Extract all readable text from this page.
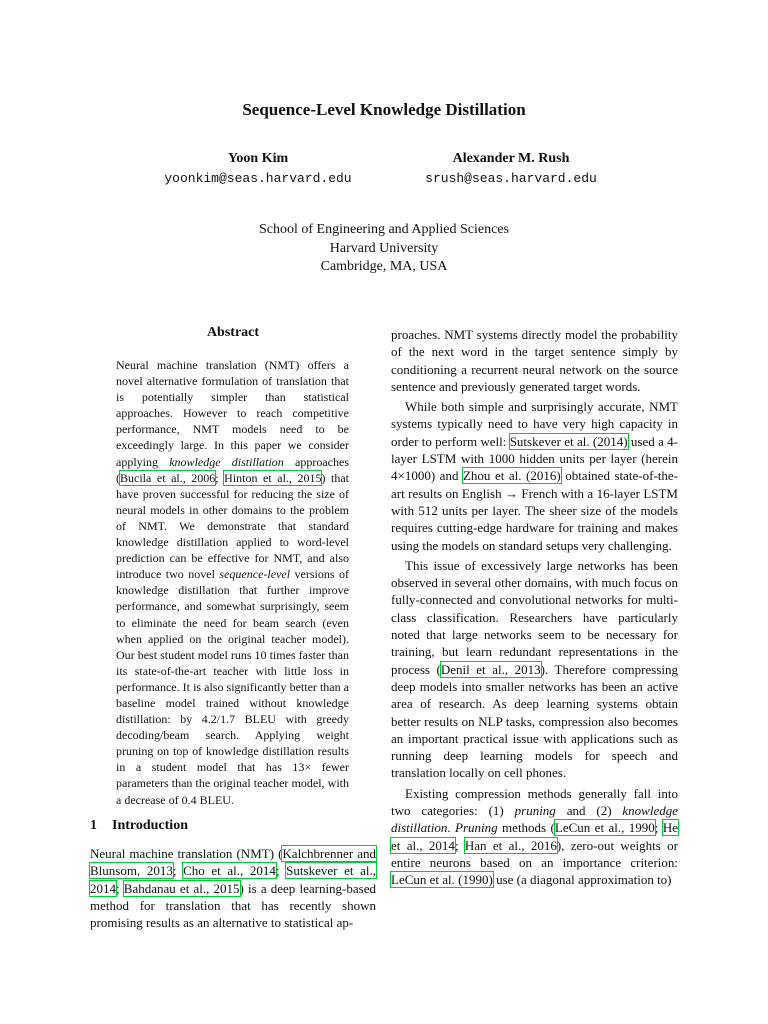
Sequence-Level Knowledge Distillation
Yoon Kim
yoonkim@seas.harvard.edu
Alexander M. Rush
srush@seas.harvard.edu
School of Engineering and Applied Sciences
Harvard University
Cambridge, MA, USA
Abstract
Neural machine translation (NMT) offers a novel alternative formulation of translation that is potentially simpler than statistical approaches. However to reach competitive performance, NMT models need to be exceedingly large. In this paper we consider applying knowledge distillation approaches (Bucila et al., 2006; Hinton et al., 2015) that have proven successful for reducing the size of neural models in other domains to the problem of NMT. We demonstrate that standard knowledge distillation applied to word-level prediction can be effective for NMT, and also introduce two novel sequence-level versions of knowledge distillation that further improve performance, and somewhat surprisingly, seem to eliminate the need for beam search (even when applied on the original teacher model). Our best student model runs 10 times faster than its state-of-the-art teacher with little loss in performance. It is also significantly better than a baseline model trained without knowledge distillation: by 4.2/1.7 BLEU with greedy decoding/beam search. Applying weight pruning on top of knowledge distillation results in a student model that has 13× fewer parameters than the original teacher model, with a decrease of 0.4 BLEU.
1 Introduction
Neural machine translation (NMT) (Kalchbrenner and Blunsom, 2013; Cho et al., 2014; Sutskever et al., 2014; Bahdanau et al., 2015) is a deep learning-based method for translation that has recently shown promising results as an alternative to statistical ap-

proaches. NMT systems directly model the probability of the next word in the target sentence simply by conditioning a recurrent neural network on the source sentence and previously generated target words.

While both simple and surprisingly accurate, NMT systems typically need to have very high capacity in order to perform well: Sutskever et al. (2014) used a 4-layer LSTM with 1000 hidden units per layer (herein 4×1000) and Zhou et al. (2016) obtained state-of-the-art results on English → French with a 16-layer LSTM with 512 units per layer. The sheer size of the models requires cutting-edge hardware for training and makes using the models on standard setups very challenging.

This issue of excessively large networks has been observed in several other domains, with much focus on fully-connected and convolutional networks for multi-class classification. Researchers have particularly noted that large networks seem to be necessary for training, but learn redundant representations in the process (Denil et al., 2013). Therefore compressing deep models into smaller networks has been an active area of research. As deep learning systems obtain better results on NLP tasks, compression also becomes an important practical issue with applications such as running deep learning models for speech and translation locally on cell phones.

Existing compression methods generally fall into two categories: (1) pruning and (2) knowledge distillation. Pruning methods (LeCun et al., 1990; He et al., 2014; Han et al., 2016), zero-out weights or entire neurons based on an importance criterion: LeCun et al. (1990) use (a diagonal approximation to)
